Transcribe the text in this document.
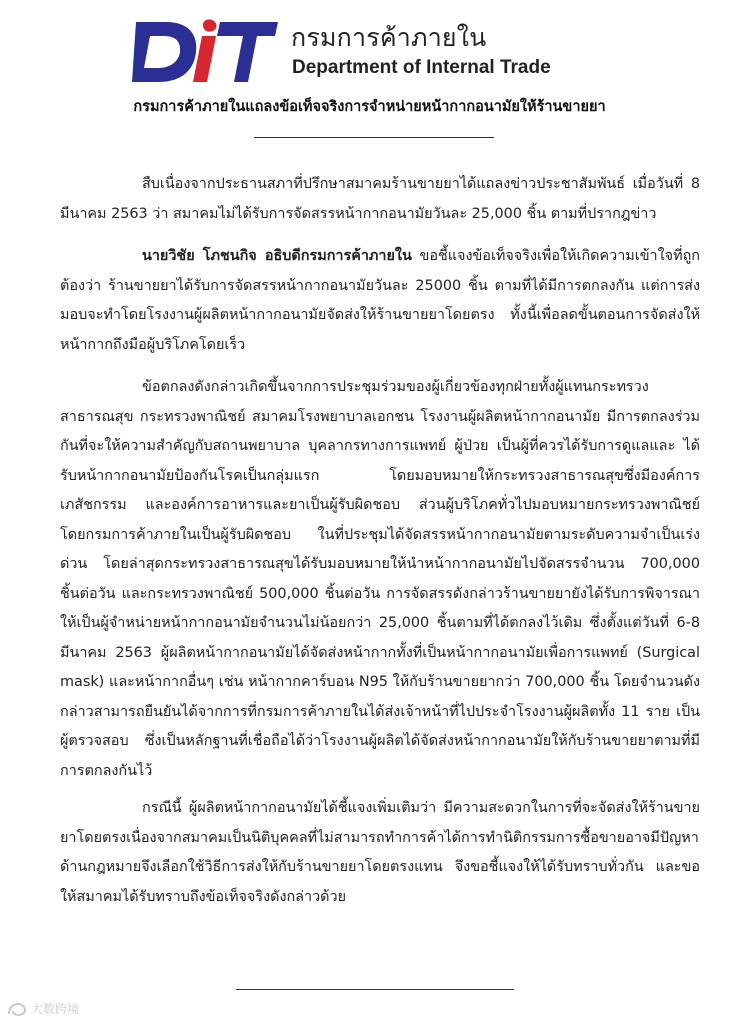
กรมการค้าภายใน
Department of Internal Trade
กรมการค้าภายในแถลงข้อเท็จจริงการจำหน่ายหน้ากากอนามัยให้ร้านขายยา

สืบเนื่องจากประธานสภาที่ปรึกษาสมาคมร้านขายยาได้แถลงข่าวประชาสัมพันธ์ เมื่อวันที่ 8 มีนาคม 2563 ว่า สมาคมไม่ได้รับการจัดสรรหน้ากากอนามัยวันละ 25,000 ชิ้น ตามที่ปรากฎข่าว

นายวิชัย โภชนกิจ อธิบดีกรมการค้าภายใน ขอชี้แจงข้อเท็จจริงเพื่อให้เกิดความเข้าใจที่ถูกต้องว่า ร้านขายยาได้รับการจัดสรรหน้ากากอนามัยวันละ 25000 ชิ้น ตามที่ได้มีการตกลงกัน แต่การส่งมอบจะทำโดยโรงงานผู้ผลิตหน้ากากอนามัยจัดส่งให้ร้านขายยาโดยตรง ทั้งนี้เพื่อลดขั้นตอนการจัดส่งให้หน้ากากถึงมือผู้บริโภคโดยเร็ว

ข้อตกลงดังกล่าวเกิดขึ้นจากการประชุมร่วมของผู้เกี่ยวข้องทุกฝ่ายทั้งผู้แทนกระทรวงสาธารณสุข กระทรวงพาณิชย์ สมาคมโรงพยาบาลเอกชน โรงงานผู้ผลิตหน้ากากอนามัย มีการตกลงร่วมกันที่จะให้ความสำคัญกับสถานพยาบาล บุคลากรทางการแพทย์ ผู้ป่วย เป็นผู้ที่ควรได้รับการดูแลและ ได้รับหน้ากากอนามัยป้องกันโรคเป็นกลุ่มแรก โดยมอบหมายให้กระทรวงสาธารณสุขซึ่งมีองค์การเภสัชกรรม และองค์การอาหารและยาเป็นผู้รับผิดชอบ ส่วนผู้บริโภคทั่วไปมอบหมายกระทรวงพาณิชย์ โดยกรมการค้าภายในเป็นผู้รับผิดชอบ ในที่ประชุมได้จัดสรรหน้ากากอนามัยตามระดับความจำเป็นเร่งด่วน โดยล่าสุดกระทรวงสาธารณสุขได้รับมอบหมายให้นำหน้ากากอนามัยไปจัดสรรจำนวน 700,000 ชิ้นต่อวัน และกระทรวงพาณิชย์ 500,000 ชิ้นต่อวัน การจัดสรรดังกล่าวร้านขายยายังได้รับการพิจารณาให้เป็นผู้จำหน่ายหน้ากากอนามัยจำนวนไม่น้อยกว่า 25,000 ชิ้นตามที่ได้ตกลงไว้เดิม ซึ่งตั้งแต่วันที่ 6-8 มีนาคม 2563 ผู้ผลิตหน้ากากอนามัยได้จัดส่งหน้ากากทั้งที่เป็นหน้ากากอนามัยเพื่อการแพทย์ (Surgical mask) และหน้ากากอื่นๆ เช่น หน้ากากคาร์บอน N95 ให้กับร้านขายยากว่า 700,000 ชิ้น โดยจำนวนดังกล่าวสามารถยืนยันได้จากการที่กรมการค้าภายในได้ส่งเจ้าหน้าที่ไปประจำโรงงานผู้ผลิตทั้ง 11 ราย เป็นผู้ตรวจสอบ ซึ่งเป็นหลักฐานที่เชื่อถือได้ว่าโรงงานผู้ผลิตได้จัดส่งหน้ากากอนามัยให้กับร้านขายยาตามที่มีการตกลงกันไว้

กรณีนี้ ผู้ผลิตหน้ากากอนามัยได้ชี้แจงเพิ่มเติมว่า มีความสะดวกในการที่จะจัดส่งให้ร้านขายยาโดยตรงเนื่องจากสมาคมเป็นนิติบุคคลที่ไม่สามารถทำการค้าได้การทำนิติกรรมการซื้อขายอาจมีปัญหาด้านกฎหมายจึงเลือกใช้วิธีการส่งให้กับร้านขายยาโดยตรงแทน จึงขอชี้แจงให้ได้รับทราบทั่วกัน และขอให้สมาคมได้รับทราบถึงข้อเท็จจริงดังกล่าวด้วย

大数跨境
